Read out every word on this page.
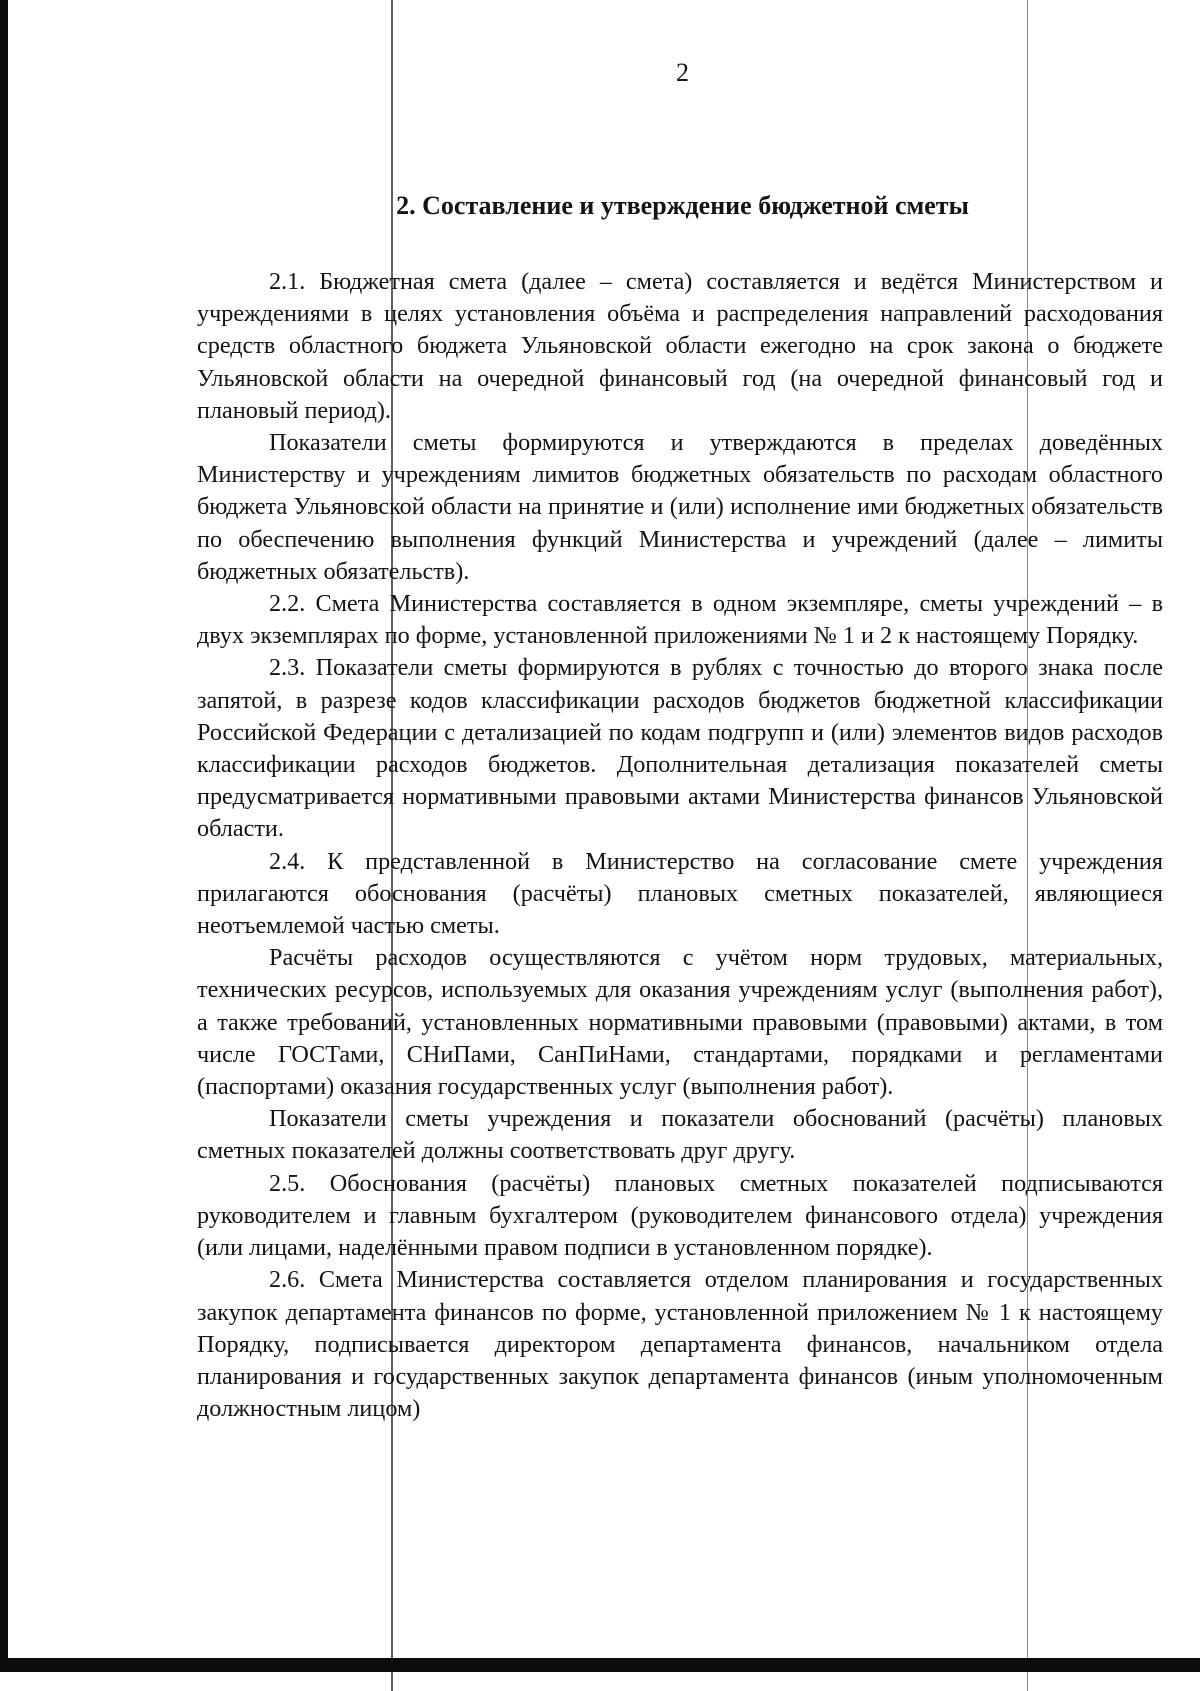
2
2. Составление и утверждение бюджетной сметы

2.1. Бюджетная смета (далее – смета) составляется и ведётся Министерством и учреждениями в целях установления объёма и распределения направлений расходования средств областного бюджета Ульяновской области ежегодно на срок закона о бюджете Ульяновской области на очередной финансовый год (на очередной финансовый год и плановый период).

Показатели сметы формируются и утверждаются в пределах доведённых Министерству и учреждениям лимитов бюджетных обязательств по расходам областного бюджета Ульяновской области на принятие и (или) исполнение ими бюджетных обязательств по обеспечению выполнения функций Министерства и учреждений (далее – лимиты бюджетных обязательств).

2.2. Смета Министерства составляется в одном экземпляре, сметы учреждений – в двух экземплярах по форме, установленной приложениями № 1 и 2 к настоящему Порядку.

2.3. Показатели сметы формируются в рублях с точностью до второго знака после запятой, в разрезе кодов классификации расходов бюджетов бюджетной классификации Российской Федерации с детализацией по кодам подгрупп и (или) элементов видов расходов классификации расходов бюджетов. Дополнительная детализация показателей сметы предусматривается нормативными правовыми актами Министерства финансов Ульяновской области.

2.4. К представленной в Министерство на согласование смете учреждения прилагаются обоснования (расчёты) плановых сметных показателей, являющиеся неотъемлемой частью сметы.

Расчёты расходов осуществляются с учётом норм трудовых, материальных, технических ресурсов, используемых для оказания учреждениям услуг (выполнения работ), а также требований, установленных нормативными правовыми (правовыми) актами, в том числе ГОСТами, СНиПами, СанПиНами, стандартами, порядками и регламентами (паспортами) оказания государственных услуг (выполнения работ).

Показатели сметы учреждения и показатели обоснований (расчёты) плановых сметных показателей должны соответствовать друг другу.

2.5. Обоснования (расчёты) плановых сметных показателей подписываются руководителем и главным бухгалтером (руководителем финансового отдела) учреждения (или лицами, наделёнными правом подписи в установленном порядке).

2.6. Смета Министерства составляется отделом планирования и государственных закупок департамента финансов по форме, установленной приложением № 1 к настоящему Порядку, подписывается директором департамента финансов, начальником отдела планирования и государственных закупок департамента финансов (иным уполномоченным должностным лицом)
